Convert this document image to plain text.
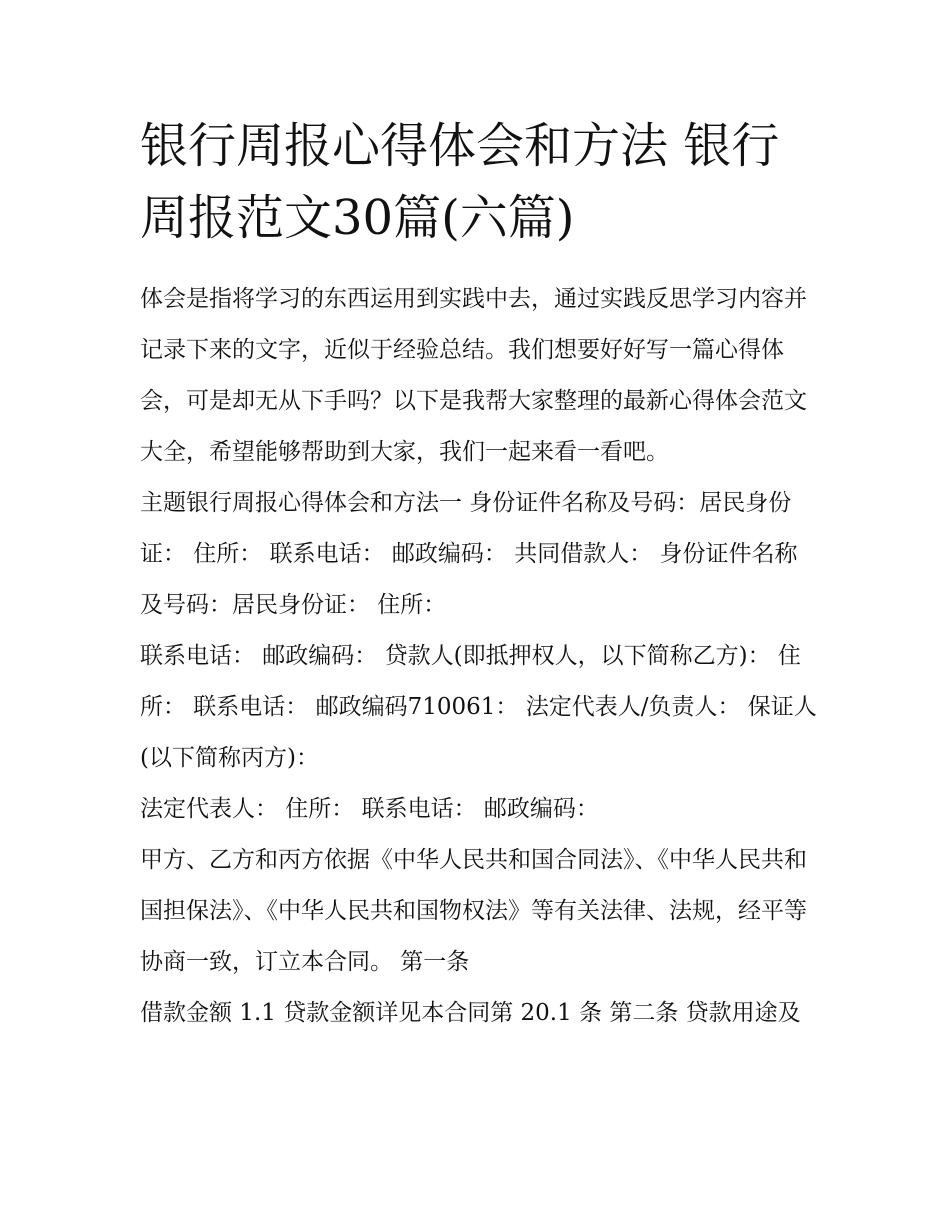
银行周报心得体会和方法 银行周报范文30篇(六篇)

体会是指将学习的东西运用到实践中去，通过实践反思学习内容并记录下来的文字，近似于经验总结。我们想要好好写一篇心得体会，可是却无从下手吗？以下是我帮大家整理的最新心得体会范文大全，希望能够帮助到大家，我们一起来看一看吧。

主题银行周报心得体会和方法一 身份证件名称及号码：居民身份证： 住所： 联系电话： 邮政编码： 共同借款人： 身份证件名称及号码：居民身份证： 住所：

联系电话： 邮政编码： 贷款人(即抵押权人，以下简称乙方)： 住所： 联系电话： 邮政编码710061： 法定代表人/负责人： 保证人(以下简称丙方)：

法定代表人： 住所： 联系电话： 邮政编码：

甲方、乙方和丙方依据《中华人民共和国合同法》、《中华人民共和国担保法》、《中华人民共和国物权法》等有关法律、法规，经平等协商一致，订立本合同。 第一条

借款金额 1.1 贷款金额详见本合同第 20.1 条 第二条 贷款用途及
